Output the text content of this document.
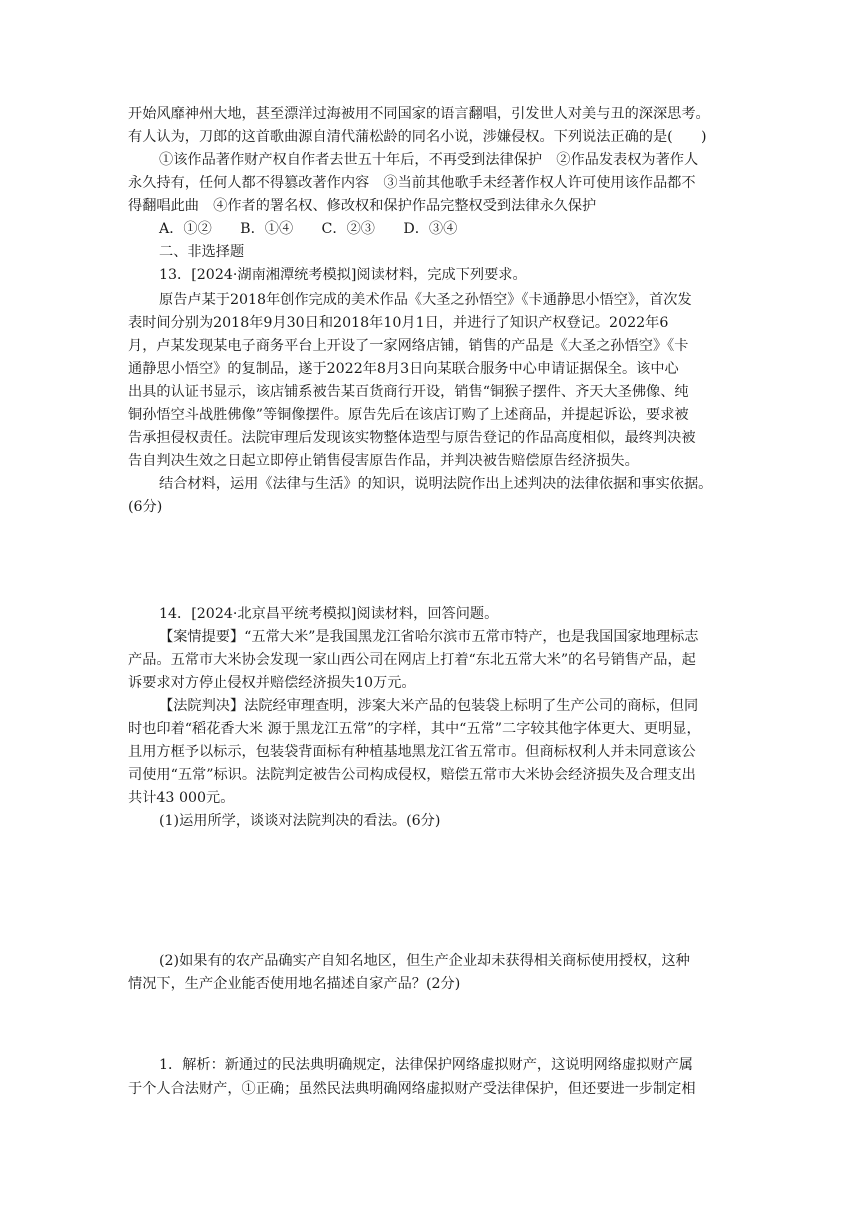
开始风靡神州大地，甚至漂洋过海被用不同国家的语言翻唱，引发世人对美与丑的深深思考。
有人认为，刀郎的这首歌曲源自清代蒲松龄的同名小说，涉嫌侵权。下列说法正确的是(　　)
①该作品著作财产权自作者去世五十年后，不再受到法律保护　②作品发表权为著作人
永久持有，任何人都不得篡改著作内容　③当前其他歌手未经著作权人许可使用该作品都不
得翻唱此曲　④作者的署名权、修改权和保护作品完整权受到法律永久保护
A．①②　　B．①④　　C．②③　　D．③④
二、非选择题
13．[2024·湖南湘潭统考模拟]阅读材料，完成下列要求。
原告卢某于2018年创作完成的美术作品《大圣之孙悟空》《卡通静思小悟空》，首次发
表时间分别为2018年9月30日和2018年10月1日，并进行了知识产权登记。2022年6
月，卢某发现某电子商务平台上开设了一家网络店铺，销售的产品是《大圣之孙悟空》《卡
通静思小悟空》的复制品，遂于2022年8月3日向某联合服务中心申请证据保全。该中心
出具的认证书显示，该店铺系被告某百货商行开设，销售“铜猴子摆件、齐天大圣佛像、纯
铜孙悟空斗战胜佛像”等铜像摆件。原告先后在该店订购了上述商品，并提起诉讼，要求被
告承担侵权责任。法院审理后发现该实物整体造型与原告登记的作品高度相似，最终判决被
告自判决生效之日起立即停止销售侵害原告作品，并判决被告赔偿原告经济损失。
结合材料，运用《法律与生活》的知识，说明法院作出上述判决的法律依据和事实依据。
(6分)
14．[2024·北京昌平统考模拟]阅读材料，回答问题。
【案情提要】“五常大米”是我国黑龙江省哈尔滨市五常市特产，也是我国国家地理标志
产品。五常市大米协会发现一家山西公司在网店上打着“东北五常大米”的名号销售产品，起
诉要求对方停止侵权并赔偿经济损失10万元。
【法院判决】法院经审理查明，涉案大米产品的包装袋上标明了生产公司的商标，但同
时也印着“稻花香大米 源于黑龙江五常”的字样，其中“五常”二字较其他字体更大、更明显，
且用方框予以标示，包装袋背面标有种植基地黑龙江省五常市。但商标权利人并未同意该公
司使用“五常”标识。法院判定被告公司构成侵权，赔偿五常市大米协会经济损失及合理支出
共计43 000元。
(1)运用所学，谈谈对法院判决的看法。(6分)
(2)如果有的农产品确实产自知名地区，但生产企业却未获得相关商标使用授权，这种
情况下，生产企业能否使用地名描述自家产品？(2分)
1．解析：新通过的民法典明确规定，法律保护网络虚拟财产，这说明网络虚拟财产属
于个人合法财产，①正确；虽然民法典明确网络虚拟财产受法律保护，但还要进一步制定相
